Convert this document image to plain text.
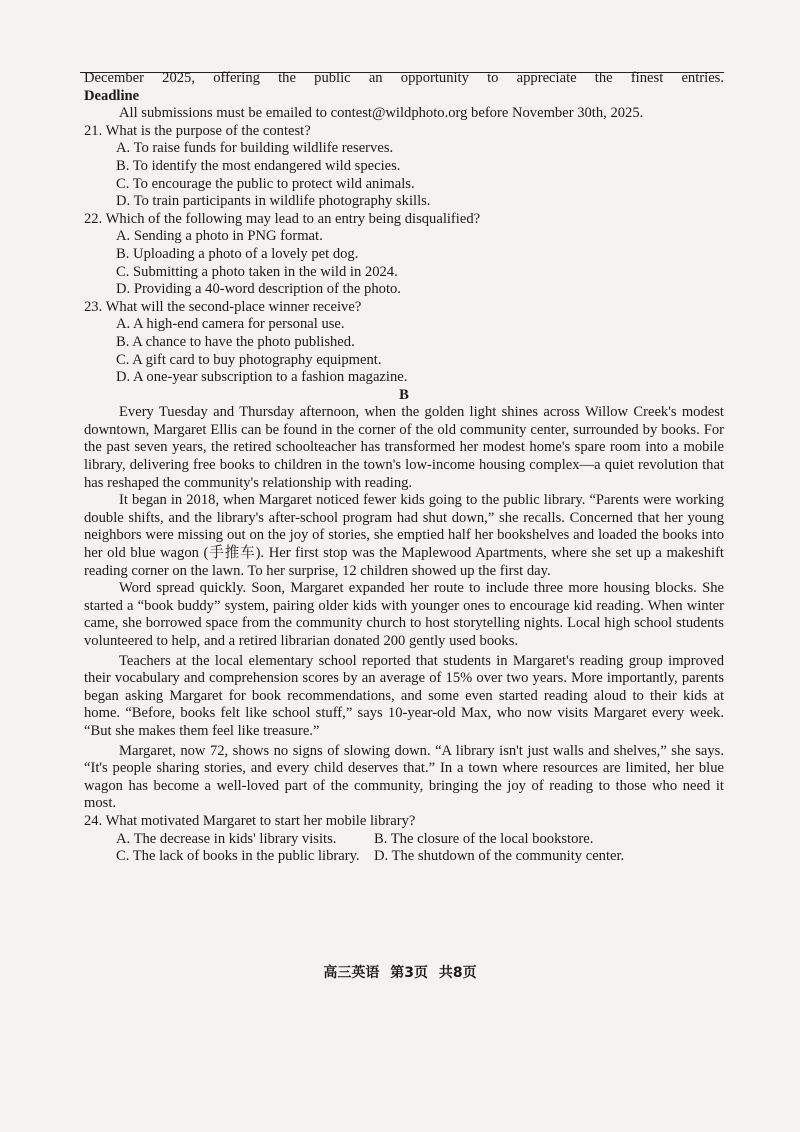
December 2025, offering the public an opportunity to appreciate the finest entries.

Deadline

All submissions must be emailed to contest@wildphoto.org before November 30th, 2025.

21. What is the purpose of the contest?

A. To raise funds for building wildlife reserves.

B. To identify the most endangered wild species.

C. To encourage the public to protect wild animals.

D. To train participants in wildlife photography skills.

22. Which of the following may lead to an entry being disqualified?

A. Sending a photo in PNG format.

B. Uploading a photo of a lovely pet dog.

C. Submitting a photo taken in the wild in 2024.

D. Providing a 40-word description of the photo.

23. What will the second-place winner receive?

A. A high-end camera for personal use.

B. A chance to have the photo published.

C. A gift card to buy photography equipment.

D. A one-year subscription to a fashion magazine.

B

Every Tuesday and Thursday afternoon, when the golden light shines across Willow Creek's modest downtown, Margaret Ellis can be found in the corner of the old community center, surrounded by books. For the past seven years, the retired schoolteacher has transformed her modest home's spare room into a mobile library, delivering free books to children in the town's low-income housing complex—a quiet revolution that has reshaped the community's relationship with reading.

It began in 2018, when Margaret noticed fewer kids going to the public library. “Parents were working double shifts, and the library's after-school program had shut down,” she recalls. Concerned that her young neighbors were missing out on the joy of stories, she emptied half her bookshelves and loaded the books into her old blue wagon (手推车). Her first stop was the Maplewood Apartments, where she set up a makeshift reading corner on the lawn. To her surprise, 12 children showed up the first day.

Word spread quickly. Soon, Margaret expanded her route to include three more housing blocks. She started a “book buddy” system, pairing older kids with younger ones to encourage kid reading. When winter came, she borrowed space from the community church to host storytelling nights. Local high school students volunteered to help, and a retired librarian donated 200 gently used books.

Teachers at the local elementary school reported that students in Margaret's reading group improved their vocabulary and comprehension scores by an average of 15% over two years. More importantly, parents began asking Margaret for book recommendations, and some even started reading aloud to their kids at home. “Before, books felt like school stuff,” says 10-year-old Max, who now visits Margaret every week. “But she makes them feel like treasure.”

Margaret, now 72, shows no signs of slowing down. “A library isn't just walls and shelves,” she says. “It's people sharing stories, and every child deserves that.” In a town where resources are limited, her blue wagon has become a well-loved part of the community, bringing the joy of reading to those who need it most.

24. What motivated Margaret to start her mobile library?

A. The decrease in kids' library visits.	B. The closure of the local bookstore.
C. The lack of books in the public library. D. The shutdown of the community center.
高三英语 第3页 共8页
